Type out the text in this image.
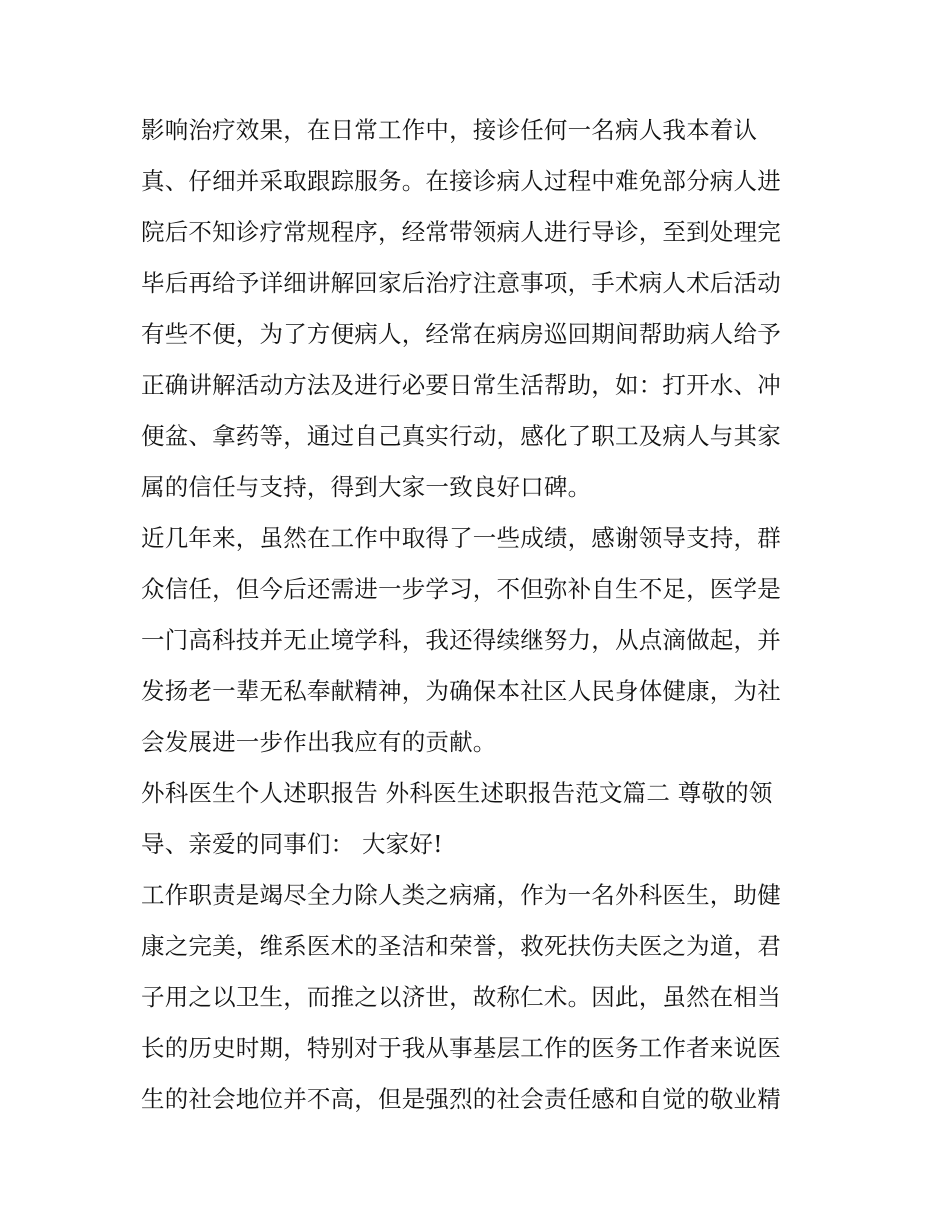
影响治疗效果，在日常工作中，接诊任何一名病人我本着认
真、仔细并采取跟踪服务。在接诊病人过程中难免部分病人进
院后不知诊疗常规程序，经常带领病人进行导诊，至到处理完
毕后再给予详细讲解回家后治疗注意事项，手术病人术后活动
有些不便，为了方便病人，经常在病房巡回期间帮助病人给予
正确讲解活动方法及进行必要日常生活帮助，如：打开水、冲
便盆、拿药等，通过自己真实行动，感化了职工及病人与其家
属的信任与支持，得到大家一致良好口碑。
近几年来，虽然在工作中取得了一些成绩，感谢领导支持，群
众信任，但今后还需进一步学习，不但弥补自生不足，医学是
一门高科技并无止境学科，我还得续继努力，从点滴做起，并
发扬老一辈无私奉献精神，为确保本社区人民身体健康，为社
会发展进一步作出我应有的贡献。
外科医生个人述职报告 外科医生述职报告范文篇二 尊敬的领
导、亲爱的同事们： 大家好!
工作职责是竭尽全力除人类之病痛，作为一名外科医生，助健
康之完美，维系医术的圣洁和荣誉，救死扶伤夫医之为道，君
子用之以卫生，而推之以济世，故称仁术。因此，虽然在相当
长的历史时期，特别对于我从事基层工作的医务工作者来说医
生的社会地位并不高，但是强烈的社会责任感和自觉的敬业精
